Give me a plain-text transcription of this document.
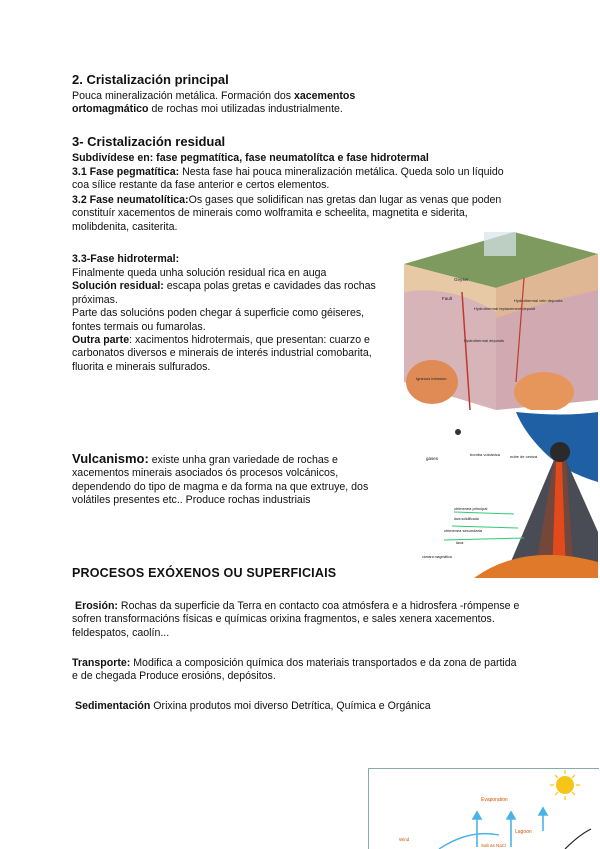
2. Cristalización principal

Pouca mineralización metálica. Formación dos xacementos ortomagmático de rochas moi utilizadas industrialmente.

3- Cristalización residual

Subdivídese en: fase pegmatítica, fase neumatolítca e fase hidrotermal

3.1 Fase pegmatítica: Nesta fase hai pouca mineralización metálica. Queda solo un líquido coa sílice restante da fase anterior e certos elementos.

3.2 Fase neumatolítica:Os gases que solidifican nas gretas dan lugar as venas que poden constituír xacementos de minerais como wolframita e scheelita, magnetita e siderita, molibdenita, casiterita.

3.3-Fase hidrotermal:

Finalmente queda unha solución residual rica en auga
Solución residual: escapa polas gretas e cavidades das rochas próximas.
Parte das solucións poden chegar á superficie como géiseres, fontes termais ou fumarolas.
Outra parte: xacimentos hidrotermais, que presentan: cuarzo e carbonatos diversos e minerais de interés industrial comobarita, fluorita e minerais sulfurados.

Geyser
Fault
Hydrothermal replacement deposit
Hydrothermal vein deposits
Hydrothermal deposits
Igneous intrusion

Vulcanismo: existe unha gran variedade de rochas e xacementos minerais asociados ós procesos volcánicos, dependendo do tipo de magma e da forma na que extruye, dos volátiles presentes etc.. Produce rochas industriais

gases
bomba volcánica nube de ceniza
chimenea principal
lava solidificada
chimenea secundaria
lava
cámara magmática
PROCESOS EXÓXENOS OU SUPERFICIAIS

Erosión: Rochas da superficie da Terra en contacto coa atmósfera e a hidrosfera -rómpense e sofren transformacións físicas e químicas orixina fragmentos, e sales xenera xacementos. feldespatos, caolín...

Transporte: Modifica a composición química dos materiais transportados e da zona de partida e de chegada Produce erosións, depósitos.

Sedimentación Orixina produtos moi diverso Detrítica, Química e Orgánica

Evaporation
Lagoon
Salt as NaCl
Wind
